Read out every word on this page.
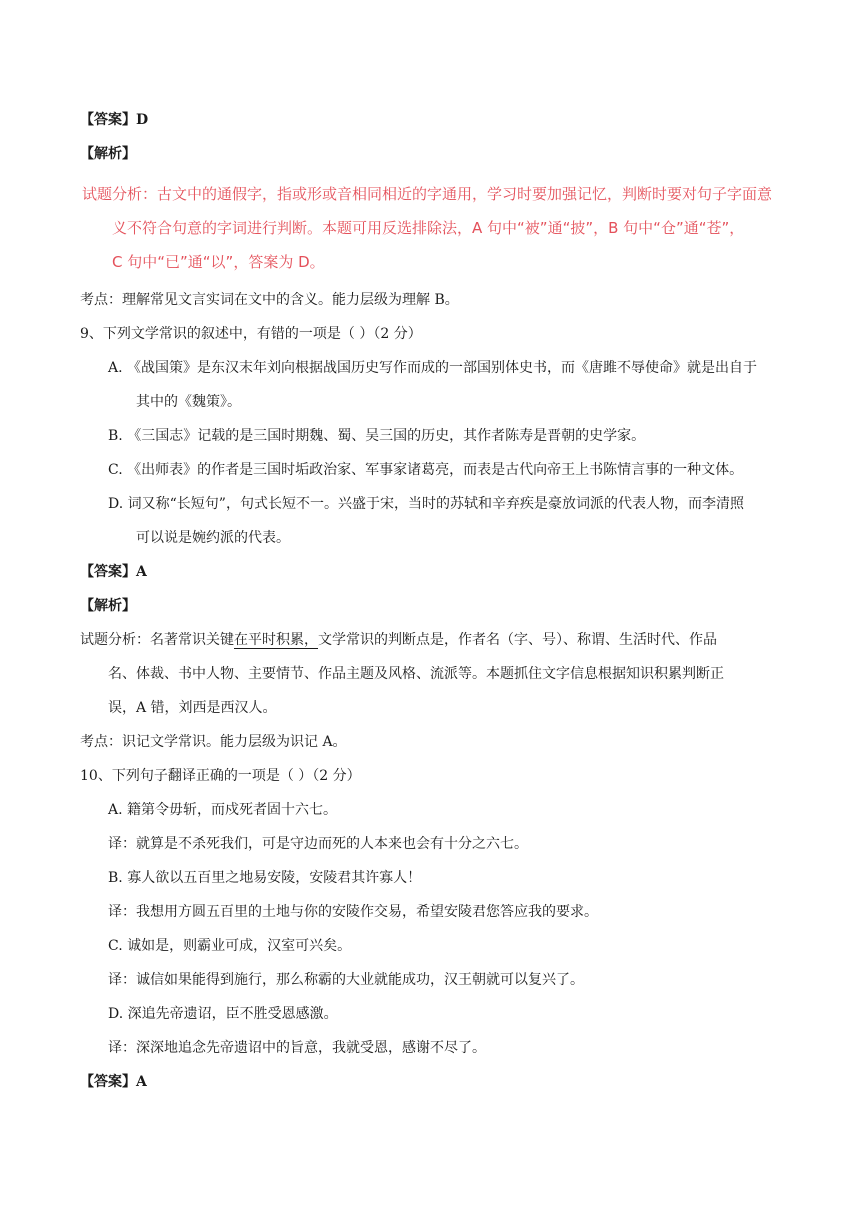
【答案】D
【解析】
试题分析：古文中的通假字，指或形或音相同相近的字通用，学习时要加强记忆，判断时要对句子字面意
义不符合句意的字词进行判断。本题可用反选排除法，A 句中“被”通“披”，B 句中“仓”通“苍”，
C 句中“已”通“以”，答案为 D。
考点：理解常见文言实词在文中的含义。能力层级为理解 B。
9、下列文学常识的叙述中，有错的一项是（ ）（2 分）
A. 《战国策》是东汉末年刘向根据战国历史写作而成的一部国别体史书，而《唐雎不辱使命》就是出自于
其中的《魏策》。
B. 《三国志》记载的是三国时期魏、蜀、吴三国的历史，其作者陈寿是晋朝的史学家。
C. 《出师表》的作者是三国时垢政治家、军事家诸葛亮，而表是古代向帝王上书陈情言事的一种文体。
D. 词又称“长短句”，句式长短不一。兴盛于宋，当时的苏轼和辛弃疾是豪放词派的代表人物，而李清照
可以说是婉约派的代表。
【答案】A
【解析】
试题分析：名著常识关键在平时积累，文学常识的判断点是，作者名（字、号）、称谓、生活时代、作品
名、体裁、书中人物、主要情节、作品主题及风格、流派等。本题抓住文字信息根据知识积累判断正
误，A 错，刘西是西汉人。
考点：识记文学常识。能力层级为识记 A。
10、下列句子翻译正确的一项是（ ）（2 分）
A. 籍第令毋斩，而戍死者固十六七。
译：就算是不杀死我们，可是守边而死的人本来也会有十分之六七。
B. 寡人欲以五百里之地易安陵，安陵君其许寡人！
译：我想用方圆五百里的土地与你的安陵作交易，希望安陵君您答应我的要求。
C. 诚如是，则霸业可成，汉室可兴矣。
译：诚信如果能得到施行，那么称霸的大业就能成功，汉王朝就可以复兴了。
D. 深追先帝遗诏，臣不胜受恩感激。
译：深深地追念先帝遗诏中的旨意，我就受恩，感谢不尽了。
【答案】A
